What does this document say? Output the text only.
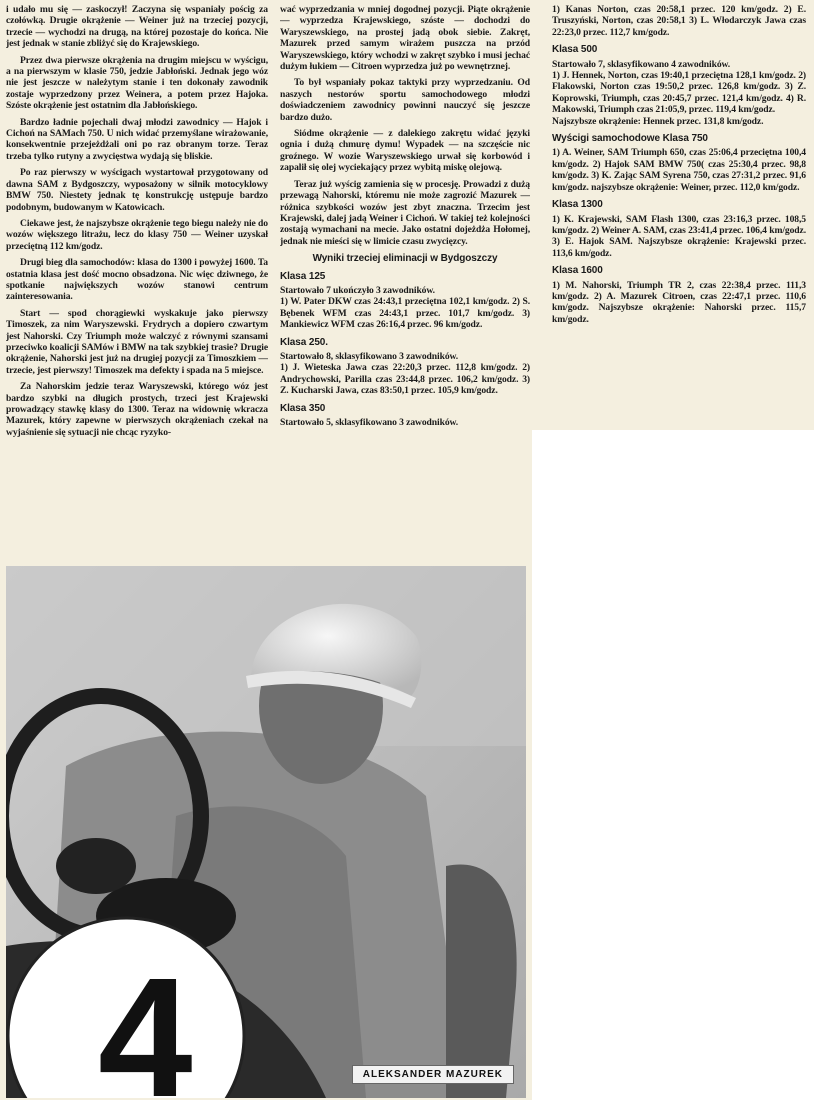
i udało mu się — zaskoczył! Zaczyna się wspaniały pościg za czołówką. Drugie okrążenie — Weiner już na trzeciej pozycji, trzecie — wychodzi na drugą, na której pozostaje do końca. Nie jest jednak w stanie zbliżyć się do Krajewskiego.

Przez dwa pierwsze okrążenia na drugim miejscu w wyścigu, a na pierwszym w klasie 750, jedzie Jabłoński. Jednak jego wóz nie jest jeszcze w należytym stanie i ten dokonały zawodnik zostaje wyprzedzony przez Weinera, a potem przez Hajoka. Szóste okrążenie jest ostatnim dla Jabłońskiego.

Bardzo ładnie pojechali dwaj młodzi zawodnicy — Hajok i Cichoń na SAMach 750. U nich widać przemyślane wirażowanie, konsekwentnie przejeżdżali oni po raz obranym torze. Teraz trzeba tylko rutyny a zwycięstwa wydają się bliskie.

Po raz pierwszy w wyścigach wystartował przygotowany od dawna SAM z Bydgoszczy, wyposażony w silnik motocyklowy BMW 750. Niestety jednak tę konstrukcję ustępuje bardzo podobnym, budowanym w Katowicach.

Ciekawe jest, że najszybsze okrążenie tego biegu należy nie do wozów większego litrażu, lecz do klasy 750 — Weiner uzyskał przeciętną 112 km/godz.

Drugi bieg dla samochodów: klasa do 1300 i powyżej 1600. Ta ostatnia klasa jest dość mocno obsadzona. Nic więc dziwnego, że spotkanie największych wozów stanowi centrum zainteresowania.

Start — spod chorągiewki wyskakuje jako pierwszy Timoszek, za nim Waryszewski. Frydrych a dopiero czwartym jest Nahorski. Czy Triumph może walczyć z równymi szansami przeciwko koalicji SAMów i BMW na tak szybkiej trasie? Drugie okrążenie, Nahorski jest już na drugiej pozycji za Timoszkiem — trzecie, jest pierwszy! Timoszek ma defekty i spada na 5 miejsce.

Za Nahorskim jedzie teraz Waryszewski, którego wóz jest bardzo szybki na długich prostych, trzeci jest Krajewski prowadzący stawkę klasy do 1300. Teraz na widownię wkracza Mazurek, który zapewne w pierwszych okrążeniach czekał na wyjaśnienie się sytuacji nie chcąc ryzyko-

wać wyprzedzania w mniej dogodnej pozycji. Piąte okrążenie — wyprzedza Krajewskiego, szóste — dochodzi do Waryszewskiego, na prostej jadą obok siebie. Zakręt, Mazurek przed samym wirażem puszcza na przód Waryszewskiego, który wchodzi w zakręt szybko i musi jechać dużym łukiem — Citroen wyprzedza już po wewnętrznej.

To był wspaniały pokaz taktyki przy wyprzedzaniu. Od naszych nestorów sportu samochodowego młodzi doświadczeniem zawodnicy powinni nauczyć się jeszcze bardzo dużo.

Siódme okrążenie — z dalekiego zakrętu widać języki ognia i dużą chmurę dymu! Wypadek — na szczęście nic groźnego. W wozie Waryszewskiego urwał się korbowód i zapalił się olej wyciekający przez wybitą miskę olejową.

Teraz już wyścig zamienia się w procesję. Prowadzi z dużą przewagą Nahorski, któremu nie może zagrozić Mazurek — różnica szybkości wozów jest zbyt znaczna. Trzecim jest Krajewski, dalej jadą Weiner i Cichoń. W takiej też kolejności zostają wymachani na mecie. Jako ostatni dojeżdża Hołomej, jednak nie mieści się w limicie czasu zwycięzcy.

Wyniki trzeciej eliminacji w Bydgoszczy
Klasa 125

Startowało 7 ukończyło 3 zawodników.

1) W. Pater DKW czas 24:43,1 przeciętna 102,1 km/godz. 2) S. Bębenek WFM czas 24:43,1 przec. 101,7 km/godz. 3) Mankiewicz WFM czas 26:16,4 przec. 96 km/godz.

Klasa 250.

Startowało 8, sklasyfikowano 3 zawodników.

1) J. Wieteska Jawa czas 22:20,3 przec. 112,8 km/godz. 2) Andrychowski, Parilla czas 23:44,8 przec. 106,2 km/godz. 3) Z. Kucharski Jawa, czas 83:50,1 przec. 105,9 km/godz.

Klasa 350

Startowało 5, sklasyfikowano 3 zawodników.

1) Kanas Norton, czas 20:58,1 przec. 120 km/godz. 2) E. Truszyński, Norton, czas 20:58,1 3) L. Włodarczyk Jawa czas 22:23,0 przec. 112,7 km/godz.

Klasa 500

Startowało 7, sklasyfikowano 4 zawodników.

1) J. Hennek, Norton, czas 19:40,1 przeciętna 128,1 km/godz. 2) Flakowski, Norton czas 19:50,2 przec. 126,8 km/godz. 3) Z. Koprowski, Triumph, czas 20:45,7 przec. 121,4 km/godz. 4) R. Makowski, Triumph czas 21:05,9, przec. 119,4 km/godz.

Najszybsze okrążenie: Hennek przec. 131,8 km/godz.

Wyścigi samochodowe Klasa 750

1) A. Weiner, SAM Triumph 650, czas 25:06,4 przeciętna 100,4 km/godz. 2) Hajok SAM BMW 750( czas 25:30,4 przec. 98,8 km/godz. 3) K. Zając SAM Syrena 750, czas 27:31,2 przec. 91,6 km/godz. najszybsze okrążenie: Weiner, przec. 112,0 km/godz.

Klasa 1300

1) K. Krajewski, SAM Flash 1300, czas 23:16,3 przec. 108,5 km/godz. 2) Weiner A. SAM, czas 23:41,4 przec. 106,4 km/godz. 3) E. Hajok SAM. Najszybsze okrążenie: Krajewski przec. 113,6 km/godz.

Klasa 1600

1) M. Nahorski, Triumph TR 2, czas 22:38,4 przec. 111,3 km/godz. 2) A. Mazurek Citroen, czas 22:47,1 przec. 110,6 km/godz. Najszybsze okrążenie: Nahorski przec. 115,7 km/godz.

4	ALEKSANDER MAZUREK
